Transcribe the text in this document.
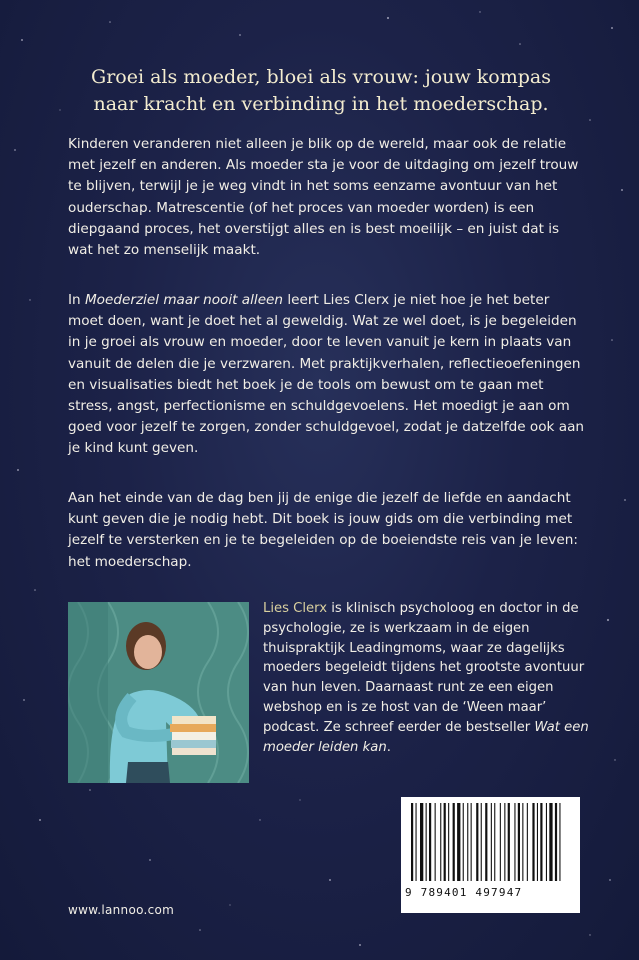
Groei als moeder, bloei als vrouw: jouw kompas
naar kracht en verbinding in het moederschap.

Kinderen veranderen niet alleen je blik op de wereld, maar ook de relatie met jezelf en anderen. Als moeder sta je voor de uitdaging om jezelf trouw te blijven, terwijl je je weg vindt in het soms eenzame avontuur van het ouderschap. Matrescentie (of het proces van moeder worden) is een diepgaand proces, het overstijgt alles en is best moeilijk – en juist dat is wat het zo menselijk maakt.

In Moederziel maar nooit alleen leert Lies Clerx je niet hoe je het beter moet doen, want je doet het al geweldig. Wat ze wel doet, is je begeleiden in je groei als vrouw en moeder, door te leven vanuit je kern in plaats van vanuit de delen die je verzwaren. Met praktijkverhalen, reflectieoefeningen en visualisaties biedt het boek je de tools om bewust om te gaan met stress, angst, perfectionisme en schuldgevoelens. Het moedigt je aan om goed voor jezelf te zorgen, zonder schuldgevoel, zodat je datzelfde ook aan je kind kunt geven.

Aan het einde van de dag ben jij de enige die jezelf de liefde en aandacht kunt geven die je nodig hebt. Dit boek is jouw gids om die verbinding met jezelf te versterken en je te begeleiden op de boeiendste reis van je leven: het moederschap.

Lies Clerx is klinisch psycholoog en doctor in de psychologie, ze is werkzaam in de eigen thuispraktijk Leadingmoms, waar ze dagelijks moeders begeleidt tijdens het grootste avontuur van hun leven. Daarnaast runt ze een eigen webshop en is ze host van de ‘Ween maar’ podcast. Ze schreef eerder de bestseller Wat een moeder leiden kan.

9 789401 497947
www.lannoo.com
